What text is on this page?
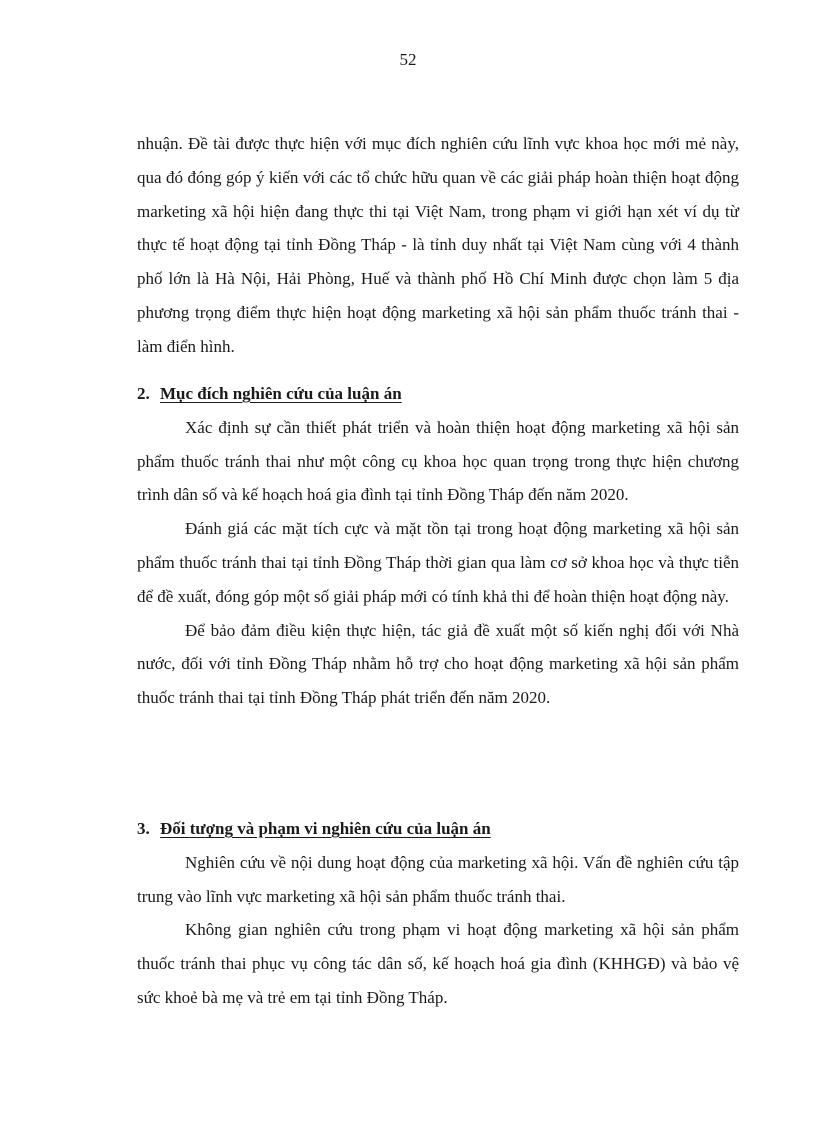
52

nhuận. Đề tài được thực hiện với mục đích nghiên cứu lĩnh vực khoa học mới mẻ này, qua đó đóng góp ý kiến với các tổ chức hữu quan về các giải pháp hoàn thiện hoạt động marketing xã hội hiện đang thực thi tại Việt Nam, trong phạm vi giới hạn xét ví dụ từ thực tế hoạt động tại tỉnh Đồng Tháp - là tỉnh duy nhất tại Việt Nam cùng với 4 thành phố lớn là Hà Nội, Hải Phòng, Huế và thành phố Hồ Chí Minh được chọn làm 5 địa phương trọng điểm thực hiện hoạt động marketing xã hội sản phẩm thuốc tránh thai - làm điển hình.

2. Mục đích nghiên cứu của luận án

Xác định sự cần thiết phát triển và hoàn thiện hoạt động marketing xã hội sản phẩm thuốc tránh thai như một công cụ khoa học quan trọng trong thực hiện chương trình dân số và kế hoạch hoá gia đình tại tỉnh Đồng Tháp đến năm 2020.

Đánh giá các mặt tích cực và mặt tồn tại trong hoạt động marketing xã hội sản phẩm thuốc tránh thai tại tỉnh Đồng Tháp thời gian qua làm cơ sở khoa học và thực tiễn để đề xuất, đóng góp một số giải pháp mới có tính khả thi để hoàn thiện hoạt động này.

Để bảo đảm điều kiện thực hiện, tác giả đề xuất một số kiến nghị đối với Nhà nước, đối với tỉnh Đồng Tháp nhằm hỗ trợ cho hoạt động marketing xã hội sản phẩm thuốc tránh thai tại tỉnh Đồng Tháp phát triển đến năm 2020.

3. Đối tượng và phạm vi nghiên cứu của luận án

Nghiên cứu về nội dung hoạt động của marketing xã hội. Vấn đề nghiên cứu tập trung vào lĩnh vực marketing xã hội sản phẩm thuốc tránh thai.

Không gian nghiên cứu trong phạm vi hoạt động marketing xã hội sản phẩm thuốc tránh thai phục vụ công tác dân số, kế hoạch hoá gia đình (KHHGĐ) và bảo vệ sức khoẻ bà mẹ và trẻ em tại tỉnh Đồng Tháp.
